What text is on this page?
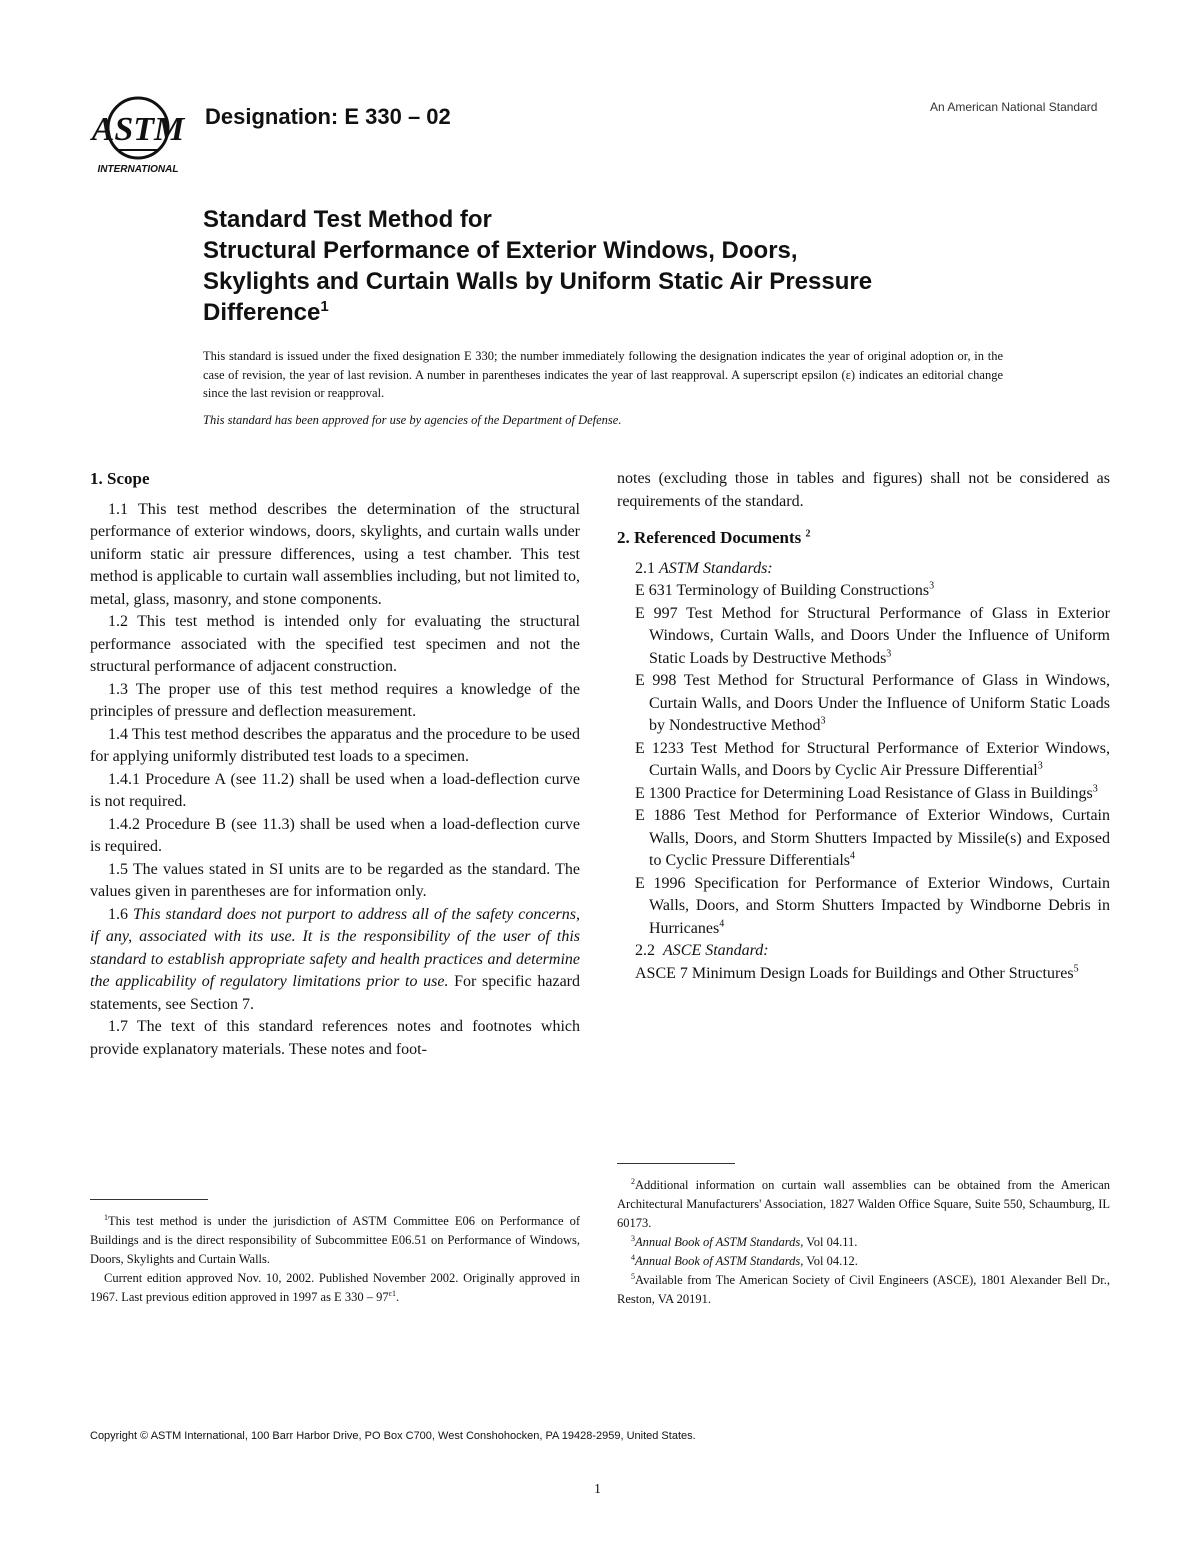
ASTM
INTERNATIONAL
Designation: E 330 – 02	An American National Standard
Standard Test Method for
Structural Performance of Exterior Windows, Doors,
Skylights and Curtain Walls by Uniform Static Air Pressure
Difference$^1$
This standard is issued under the fixed designation E 330; the number immediately following the designation indicates the year of original adoption or, in the case of revision, the year of last revision. A number in parentheses indicates the year of last reapproval. A superscript epsilon (ε) indicates an editorial change since the last revision or reapproval.
This standard has been approved for use by agencies of the Department of Defense.
1. Scope

1.1 This test method describes the determination of the structural performance of exterior windows, doors, skylights, and curtain walls under uniform static air pressure differences, using a test chamber. This test method is applicable to curtain wall assemblies including, but not limited to, metal, glass, masonry, and stone components.

1.2 This test method is intended only for evaluating the structural performance associated with the specified test specimen and not the structural performance of adjacent construction.

1.3 The proper use of this test method requires a knowledge of the principles of pressure and deflection measurement.

1.4 This test method describes the apparatus and the procedure to be used for applying uniformly distributed test loads to a specimen.

1.4.1 Procedure A (see 11.2) shall be used when a load-deflection curve is not required.

1.4.2 Procedure B (see 11.3) shall be used when a load-deflection curve is required.

1.5 The values stated in SI units are to be regarded as the standard. The values given in parentheses are for information only.

1.6 This standard does not purport to address all of the safety concerns, if any, associated with its use. It is the responsibility of the user of this standard to establish appropriate safety and health practices and determine the applicability of regulatory limitations prior to use. For specific hazard statements, see Section 7.

1.7 The text of this standard references notes and footnotes which provide explanatory materials. These notes and foot-

notes (excluding those in tables and figures) shall not be considered as requirements of the standard.

2. Referenced Documents $^2$

2.1 ASTM Standards:

E 631 Terminology of Building Constructions$^3$

E 997 Test Method for Structural Performance of Glass in Exterior Windows, Curtain Walls, and Doors Under the Influence of Uniform Static Loads by Destructive Methods$^3$

E 998 Test Method for Structural Performance of Glass in Windows, Curtain Walls, and Doors Under the Influence of Uniform Static Loads by Nondestructive Method$^3$

E 1233 Test Method for Structural Performance of Exterior Windows, Curtain Walls, and Doors by Cyclic Air Pressure Differential$^3$

E 1300 Practice for Determining Load Resistance of Glass in Buildings$^3$

E 1886 Test Method for Performance of Exterior Windows, Curtain Walls, Doors, and Storm Shutters Impacted by Missile(s) and Exposed to Cyclic Pressure Differentials$^4$

E 1996 Specification for Performance of Exterior Windows, Curtain Walls, Doors, and Storm Shutters Impacted by Windborne Debris in Hurricanes$^4$

2.2 ASCE Standard:

ASCE 7 Minimum Design Loads for Buildings and Other Structures$^5$

$^1$This test method is under the jurisdiction of ASTM Committee E06 on Performance of Buildings and is the direct responsibility of Subcommittee E06.51 on Performance of Windows, Doors, Skylights and Curtain Walls.

Current edition approved Nov. 10, 2002. Published November 2002. Originally approved in 1967. Last previous edition approved in 1997 as E $330 - 97^{\varepsilon 1}$.

$^2$Additional information on curtain wall assemblies can be obtained from the American Architectural Manufacturers' Association, 1827 Walden Office Square, Suite 550, Schaumburg, IL 60173.

$^3$Annual Book of ASTM Standards, Vol 04.11.

$^4$Annual Book of ASTM Standards, Vol 04.12.

$^5$Available from The American Society of Civil Engineers (ASCE), 1801 Alexander Bell Dr., Reston, VA 20191.

Copyright © ASTM International, 100 Barr Harbor Drive, PO Box C700, West Conshohocken, PA 19428-2959, United States.
1
